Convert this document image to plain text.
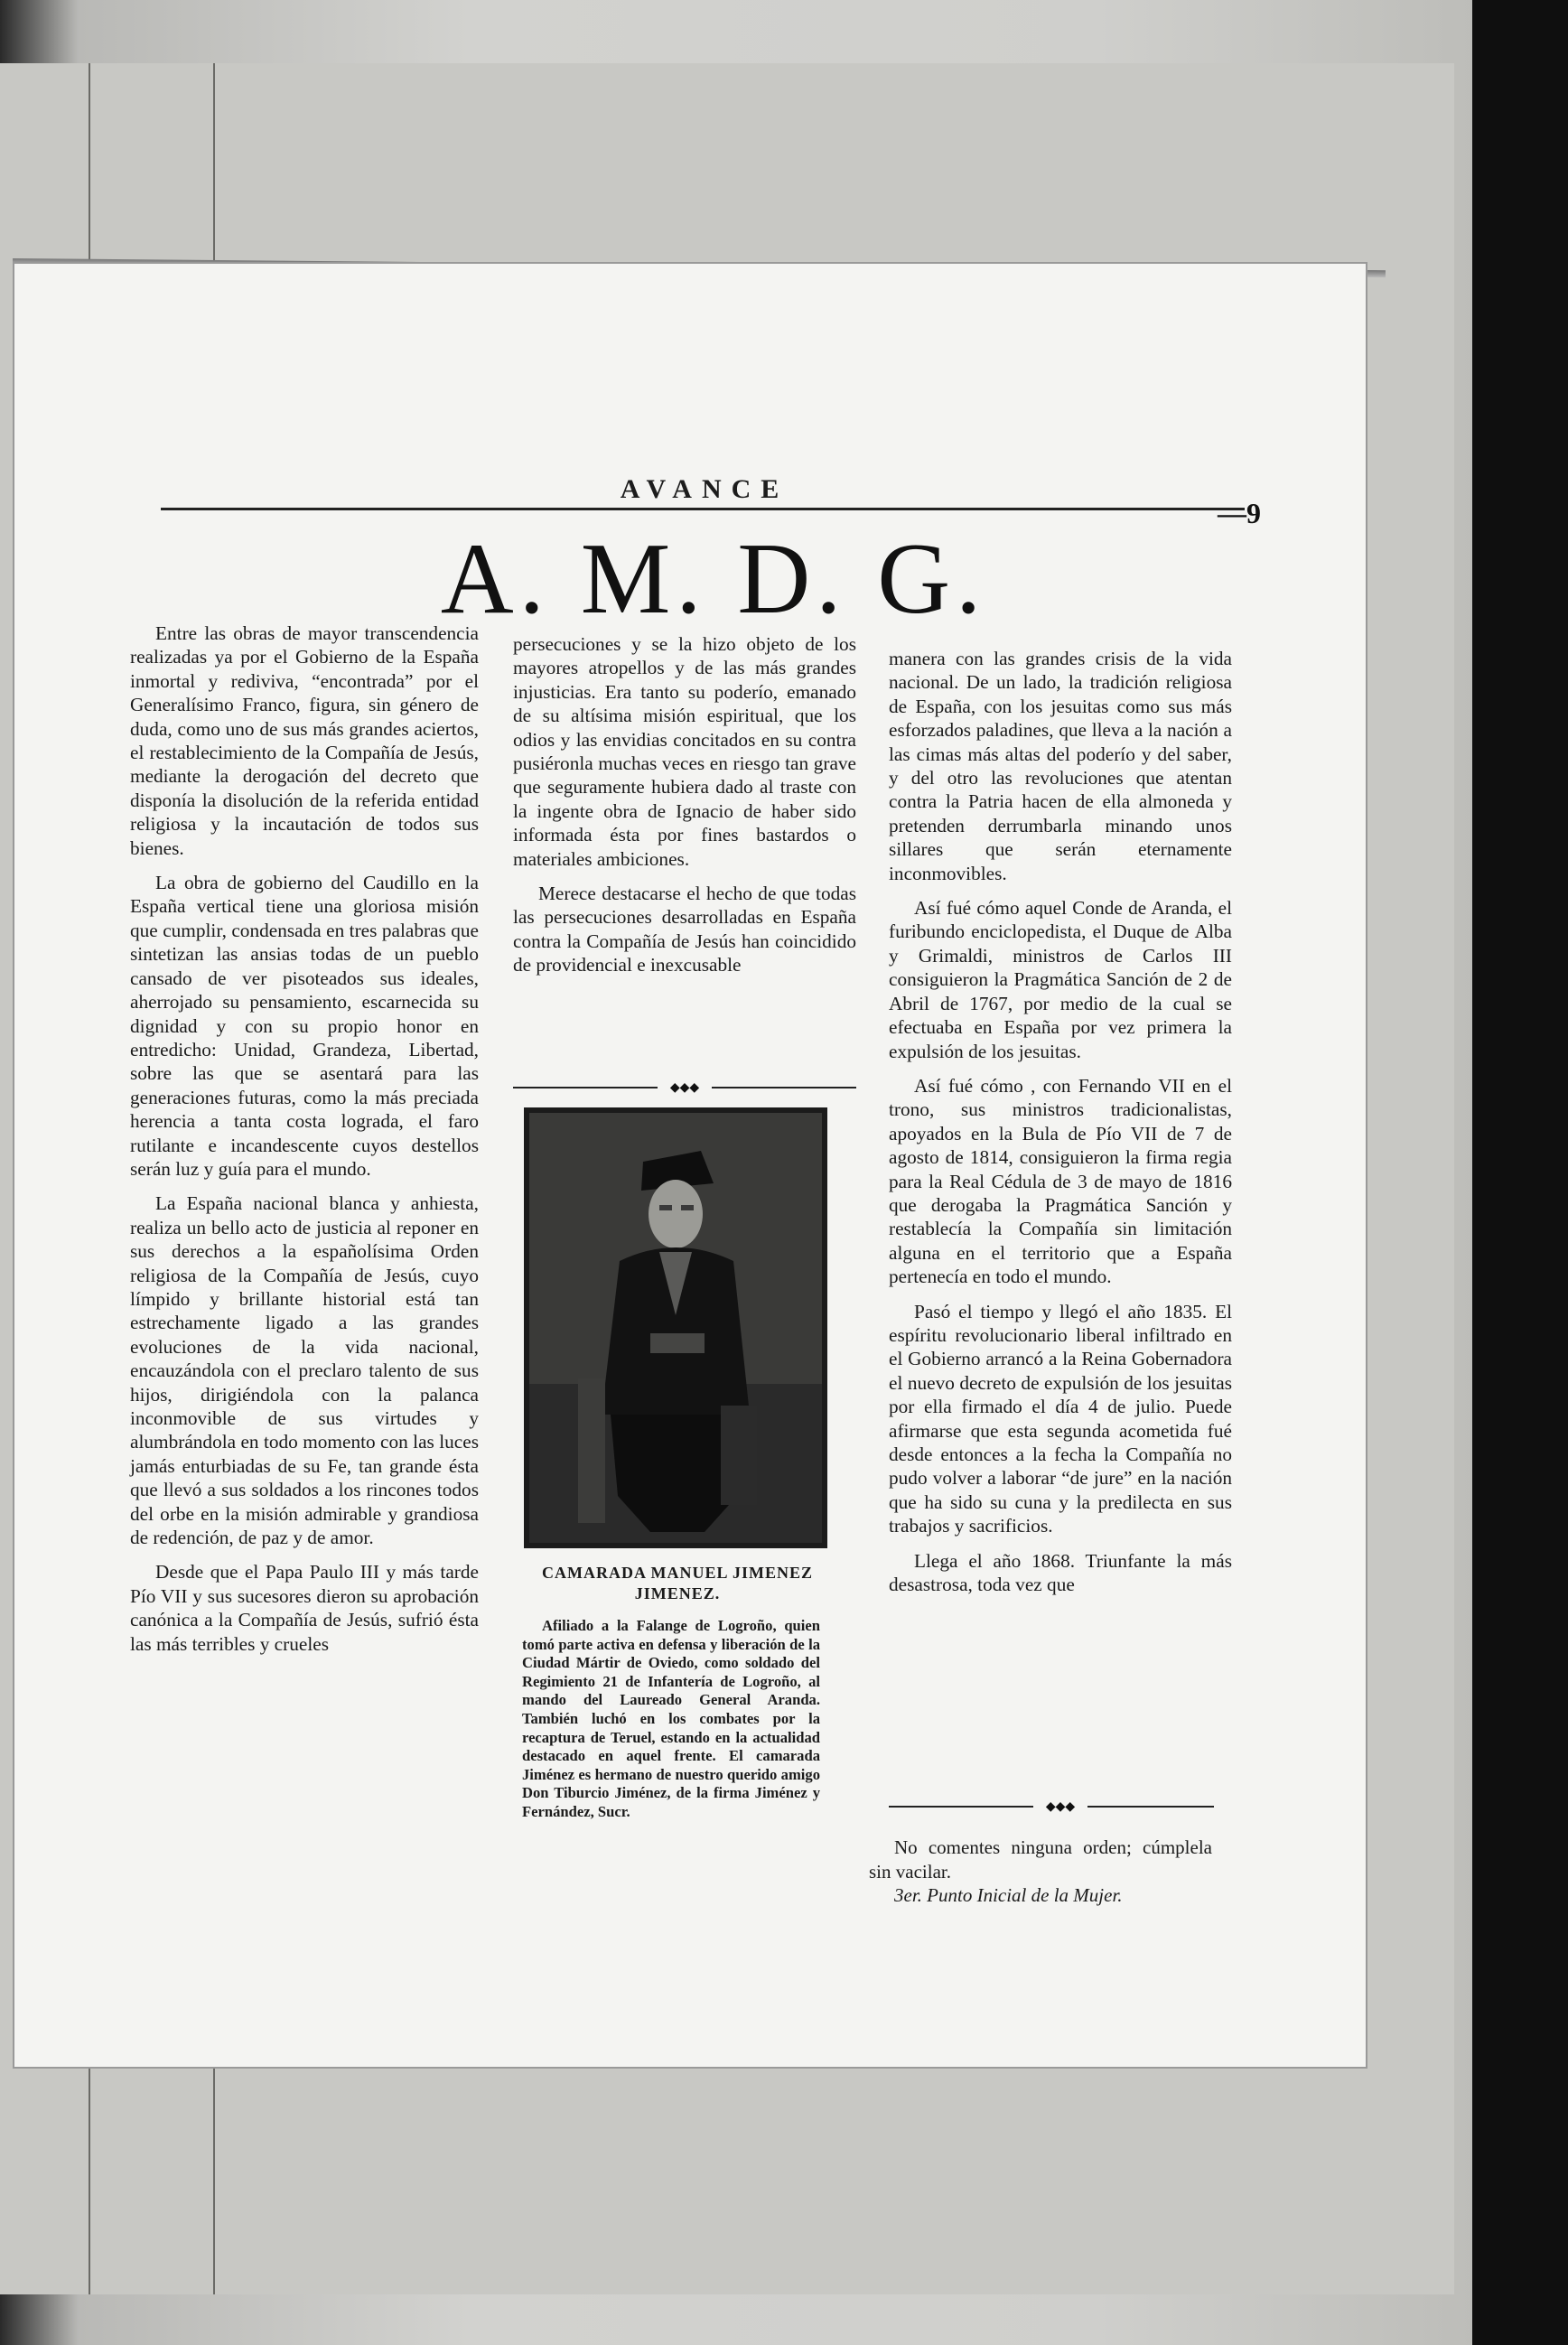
AVANCE
—9
A. M. D. G.

Entre las obras de mayor transcendencia realizadas ya por el Gobierno de la España inmortal y rediviva, “encontrada” por el Generalísimo Franco, figura, sin género de duda, como uno de sus más grandes aciertos, el restablecimiento de la Compañía de Jesús, mediante la derogación del decreto que disponía la disolución de la referida entidad religiosa y la incautación de todos sus bienes.

La obra de gobierno del Caudillo en la España vertical tiene una gloriosa misión que cumplir, condensada en tres palabras que sintetizan las ansias todas de un pueblo cansado de ver pisoteados sus ideales, aherrojado su pensamiento, escarnecida su dignidad y con su propio honor en entredicho: Unidad, Grandeza, Libertad, sobre las que se asentará para las generaciones futuras, como la más preciada herencia a tanta costa lograda, el faro rutilante e incandescente cuyos destellos serán luz y guía para el mundo.

La España nacional blanca y anhiesta, realiza un bello acto de justicia al reponer en sus derechos a la españolísima Orden religiosa de la Compañía de Jesús, cuyo límpido y brillante historial está tan estrechamente ligado a las grandes evoluciones de la vida nacional, encauzándola con el preclaro talento de sus hijos, dirigiéndola con la palanca inconmovible de sus virtudes y alumbrándola en todo momento con las luces jamás enturbiadas de su Fe, tan grande ésta que llevó a sus soldados a los rincones todos del orbe en la misión admirable y grandiosa de redención, de paz y de amor.

Desde que el Papa Paulo III y más tarde Pío VII y sus sucesores dieron su aprobación canónica a la Compañía de Jesús, sufrió ésta las más terribles y crueles

persecuciones y se la hizo objeto de los mayores atropellos y de las más grandes injusticias. Era tanto su poderío, emanado de su altísima misión espiritual, que los odios y las envidias concitados en su contra pusiéronla muchas veces en riesgo tan grave que seguramente hubiera dado al traste con la ingente obra de Ignacio de haber sido informada ésta por fines bastardos o materiales ambiciones.

Merece destacarse el hecho de que todas las persecuciones desarrolladas en España contra la Compañía de Jesús han coincidido de providencial e inexcusable

◆◆◆
CAMARADA MANUEL JIMENEZ JIMENEZ.
Afiliado a la Falange de Logroño, quien tomó parte activa en defensa y liberación de la Ciudad Mártir de Oviedo, como soldado del Regimiento 21 de Infantería de Logroño, al mando del Laureado General Aranda. También luchó en los combates por la recaptura de Teruel, estando en la actualidad destacado en aquel frente. El camarada Jiménez es hermano de nuestro querido amigo Don Tiburcio Jiménez, de la firma Jiménez y Fernández, Sucr.

manera con las grandes crisis de la vida nacional. De un lado, la tradición religiosa de España, con los jesuitas como sus más esforzados paladines, que lleva a la nación a las cimas más altas del poderío y del saber, y del otro las revoluciones que atentan contra la Patria hacen de ella almoneda y pretenden derrumbarla minando unos sillares que serán eternamente inconmovibles.

Así fué cómo aquel Conde de Aranda, el furibundo enciclopedista, el Duque de Alba y Grimaldi, ministros de Carlos III consiguieron la Pragmática Sanción de 2 de Abril de 1767, por medio de la cual se efectuaba en España por vez primera la expulsión de los jesuitas.

Así fué cómo , con Fernando VII en el trono, sus ministros tradicionalistas, apoyados en la Bula de Pío VII de 7 de agosto de 1814, consiguieron la firma regia para la Real Cédula de 3 de mayo de 1816 que derogaba la Pragmática Sanción y restablecía la Compañía sin limitación alguna en el territorio que a España pertenecía en todo el mundo.

Pasó el tiempo y llegó el año 1835. El espíritu revolucionario liberal infiltrado en el Gobierno arrancó a la Reina Gobernadora el nuevo decreto de expulsión de los jesuitas por ella firmado el día 4 de julio. Puede afirmarse que esta segunda acometida fué desde entonces a la fecha la Compañía no pudo volver a laborar “de jure” en la nación que ha sido su cuna y la predilecta en sus trabajos y sacrificios.

Llega el año 1868. Triunfante la más desastrosa, toda vez que

◆◆◆
No comentes ninguna orden; cúmplela sin vacilar.
3er. Punto Inicial de la Mujer.
